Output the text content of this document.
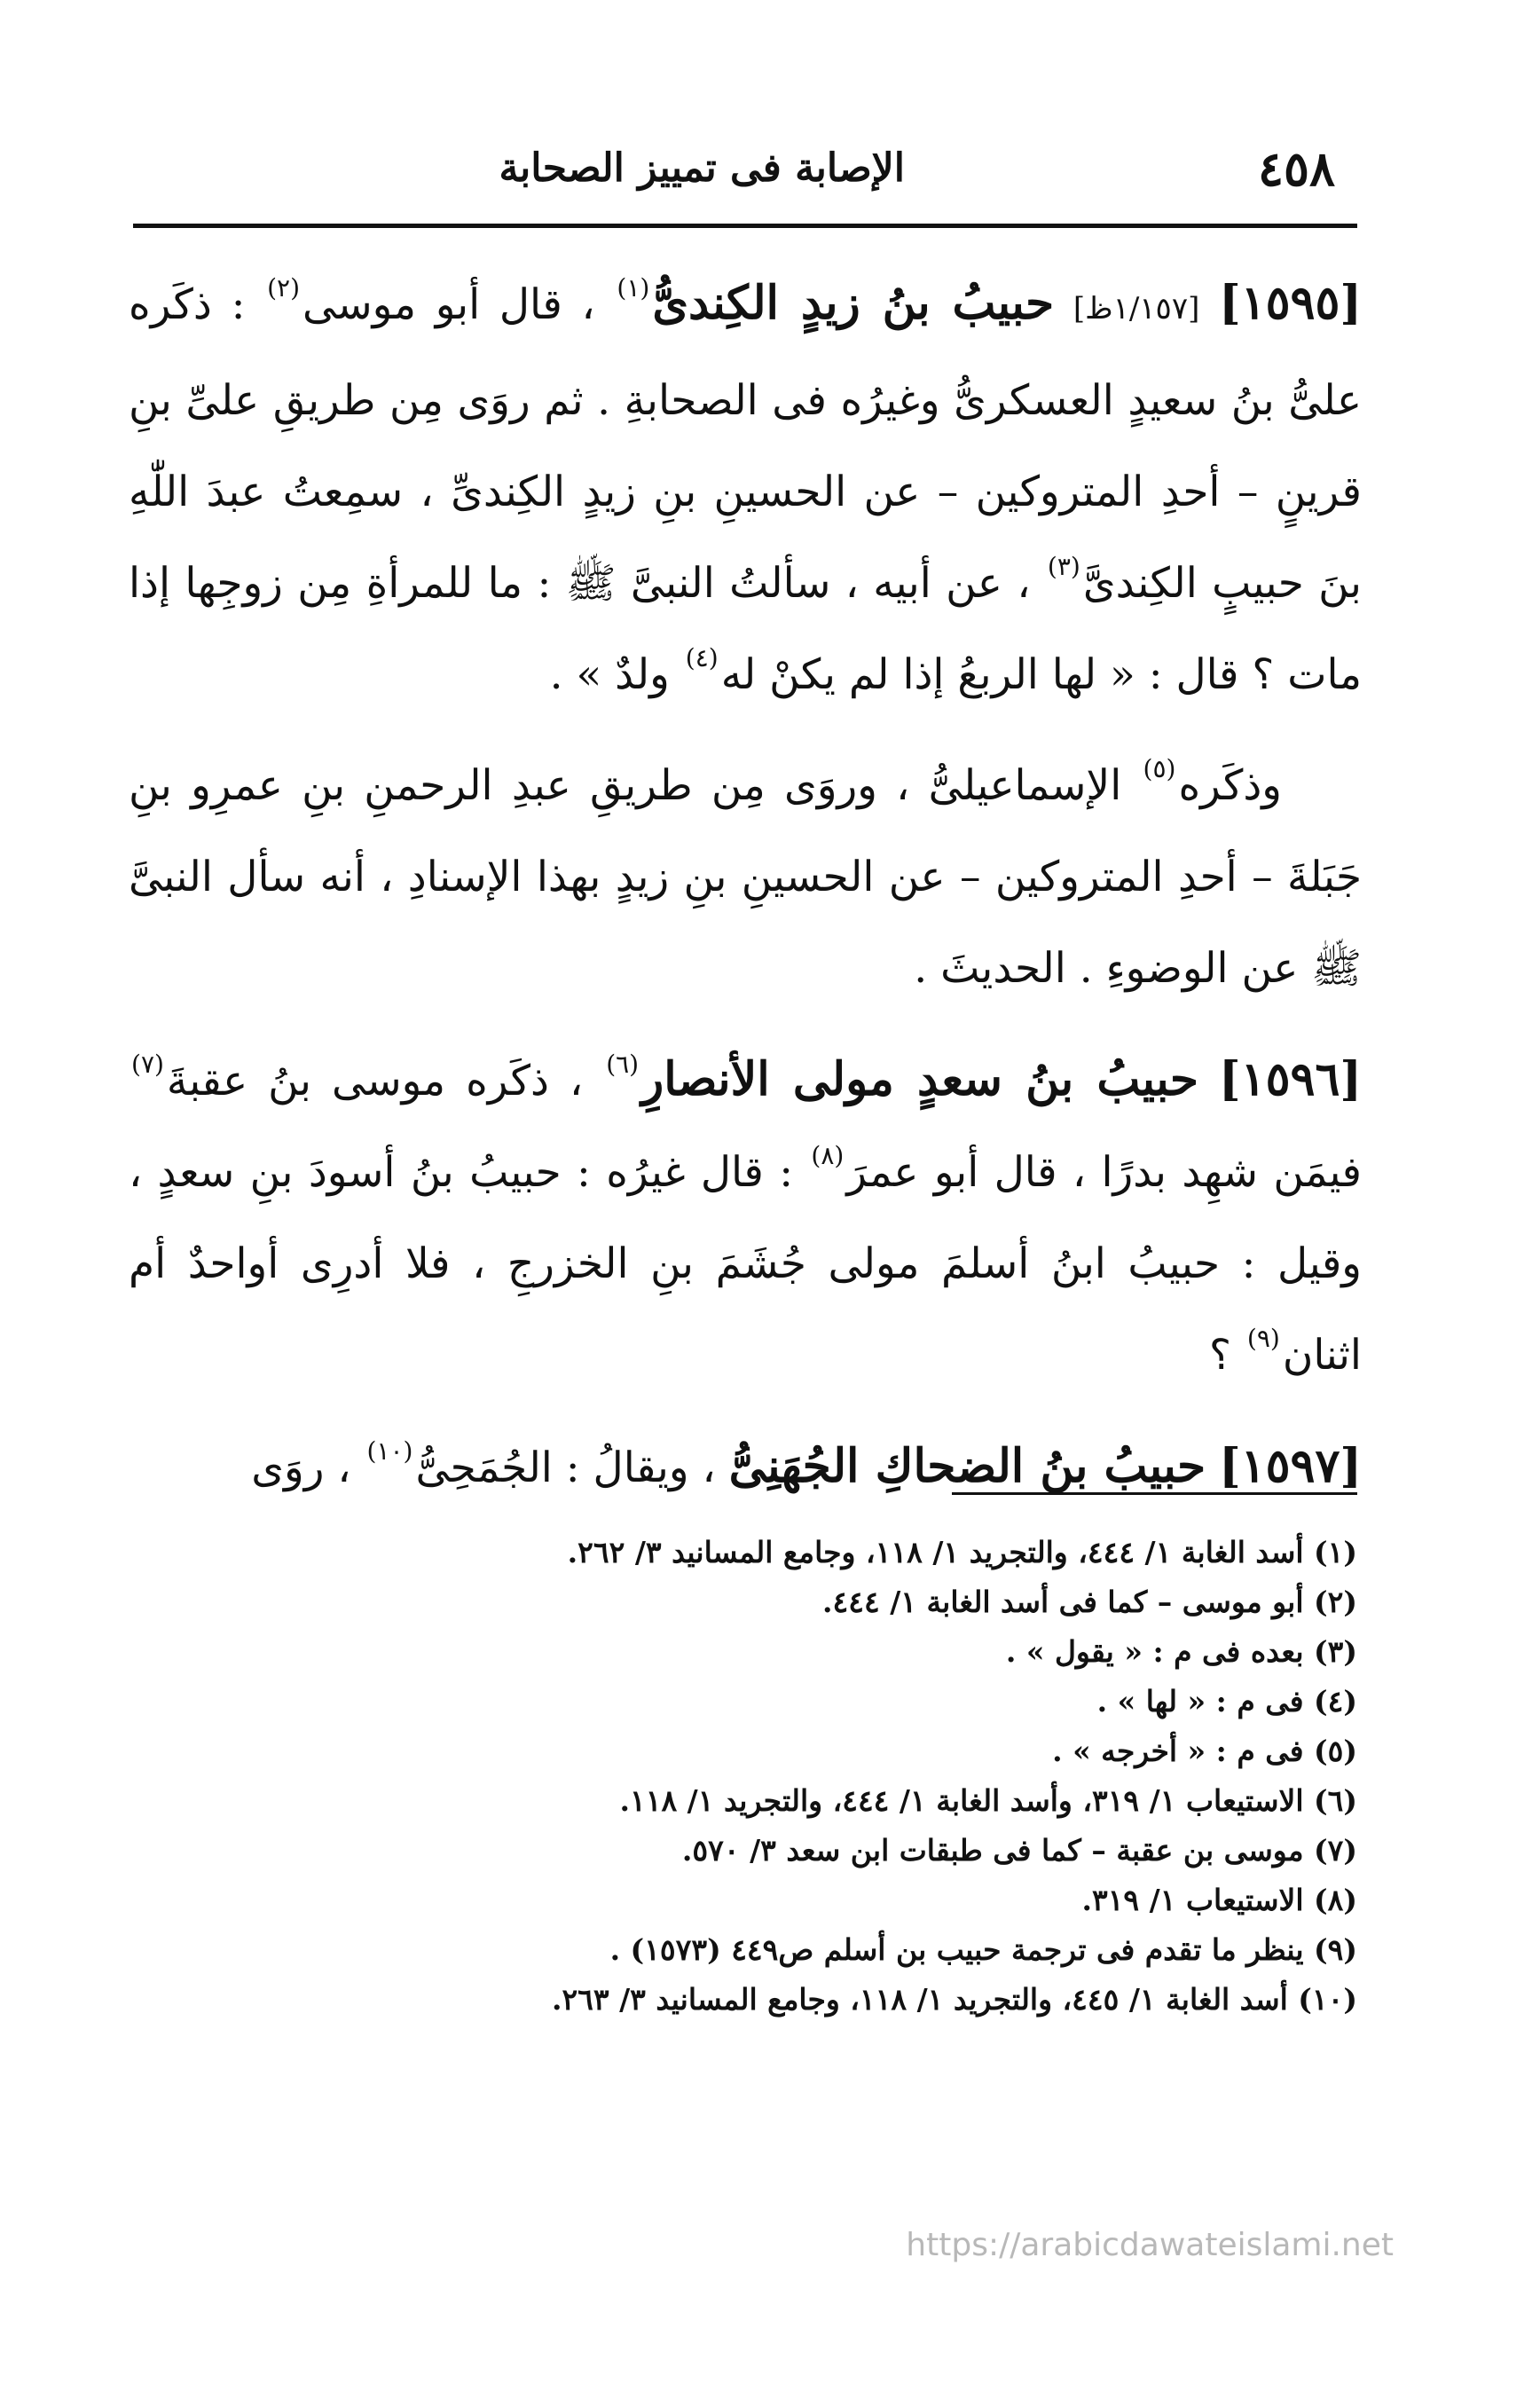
٤٥٨
الإصابة فى تمييز الصحابة

[١٥٩٥] [١/١٥٧ظ] حبيبُ بنُ زيدٍ الكِندىُّ$^{(١)}$ ، قال أبو موسى$^{(٢)}$ : ذكَره علىُّ بنُ سعيدٍ العسكرىُّ وغيرُه فى الصحابةِ . ثم روَى مِن طريقِ علىِّ بنِ قرينٍ – أحدِ المتروكين – عن الحسينِ بنِ زيدٍ الكِندىِّ ، سمِعتُ عبدَ اللّٰهِ بنَ حبيبٍ الكِندىَّ$^{(٣)}$ ، عن أبيه ، سألتُ النبىَّ ﷺ : ما للمرأةِ مِن زوجِها إذا مات ؟ قال : « لها الربعُ إذا لم يكنْ له$^{(٤)}$ ولدٌ » .

وذكَره$^{(٥)}$ الإسماعيلىُّ ، وروَى مِن طريقِ عبدِ الرحمنِ بنِ عمرِو بنِ جَبَلةَ – أحدِ المتروكين – عن الحسينِ بنِ زيدٍ بهذا الإسنادِ ، أنه سأل النبىَّ ﷺ عن الوضوءِ . الحديثَ .

[١٥٩٦] حبيبُ بنُ سعدٍ مولى الأنصارِ$^{(٦)}$ ، ذكَره موسى بنُ عقبةَ$^{(٧)}$ فيمَن شهِد بدرًا ، قال أبو عمرَ$^{(٨)}$ : قال غيرُه : حبيبُ بنُ أسودَ بنِ سعدٍ ، وقيل : حبيبُ ابنُ أسلمَ مولى جُشَمَ بنِ الخزرجِ ، فلا أدرِى أواحدٌ أم اثنان$^{(٩)}$ ؟

[١٥٩٧] حبيبُ بنُ الضحاكِ الجُهَنِىُّ ، ويقالُ : الجُمَحِىُّ$^{(١٠)}$ ، روَى

(١) أسد الغابة ١/ ٤٤٤، والتجريد ١/ ١١٨، وجامع المسانيد ٣/ ٢٦٢.
(٢) أبو موسى – كما فى أسد الغابة ١/ ٤٤٤.
(٣) بعده فى م : « يقول » .
(٤) فى م : « لها » .
(٥) فى م : « أخرجه » .
(٦) الاستيعاب ١/ ٣١٩، وأسد الغابة ١/ ٤٤٤، والتجريد ١/ ١١٨.
(٧) موسى بن عقبة – كما فى طبقات ابن سعد ٣/ ٥٧٠.
(٨) الاستيعاب ١/ ٣١٩.
(٩) ينظر ما تقدم فى ترجمة حبيب بن أسلم ص٤٤٩ (١٥٧٣) .
(١٠) أسد الغابة ١/ ٤٤٥، والتجريد ١/ ١١٨، وجامع المسانيد ٣/ ٢٦٣.
https://arabicdawateislami.net
